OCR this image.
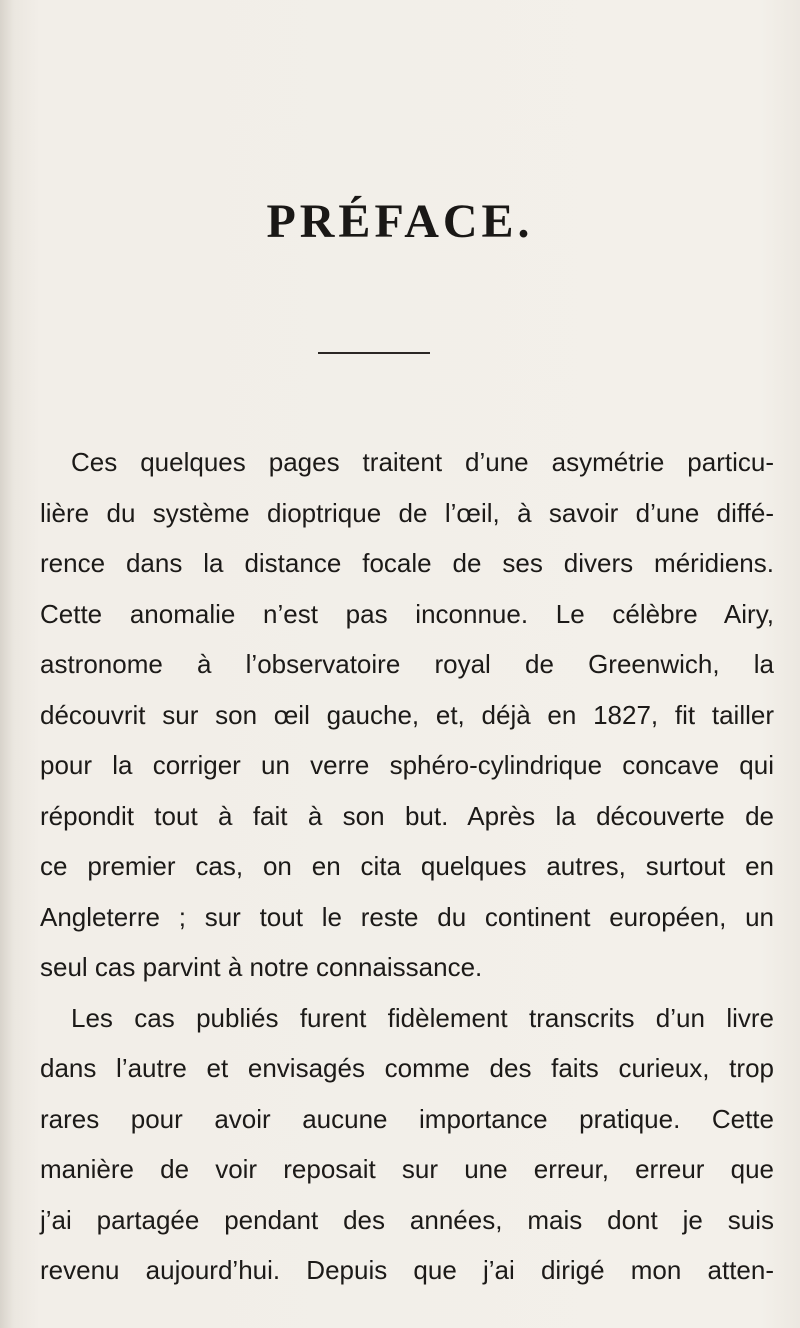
PRÉFACE.
Ces quelques pages traitent d’une asymétrie particu-
lière du système dioptrique de l’œil, à savoir d’une diffé-
rence dans la distance focale de ses divers méridiens.
Cette anomalie n’est pas inconnue. Le célèbre Airy,
astronome à l’observatoire royal de Greenwich, la
découvrit sur son œil gauche, et, déjà en 1827, fit tailler
pour la corriger un verre sphéro-cylindrique concave qui
répondit tout à fait à son but. Après la découverte de
ce premier cas, on en cita quelques autres, surtout en
Angleterre ; sur tout le reste du continent européen, un
seul cas parvint à notre connaissance.
Les cas publiés furent fidèlement transcrits d’un livre
dans l’autre et envisagés comme des faits curieux, trop
rares pour avoir aucune importance pratique. Cette
manière de voir reposait sur une erreur, erreur que
j’ai partagée pendant des années, mais dont je suis
revenu aujourd’hui. Depuis que j’ai dirigé mon atten-
